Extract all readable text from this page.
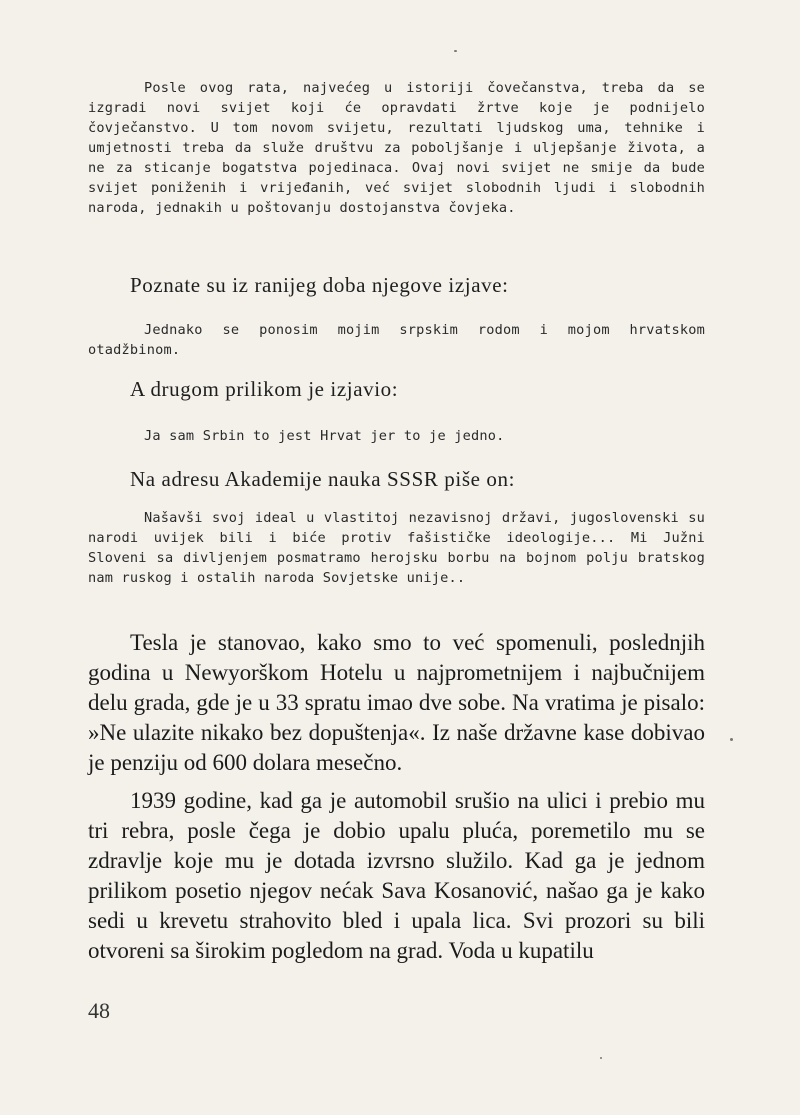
Posle ovog rata, najvećeg u istoriji čovečanstva, treba da se izgradi novi svijet koji će opravdati žrtve koje je podnijelo čovječanstvo. U tom novom svijetu, rezultati ljudskog uma, tehnike i umjetnosti treba da služe društvu za poboljšanje i uljepšanje života, a ne za sticanje bogatstva pojedinaca. Ovaj novi svijet ne smije da bude svijet poniženih i vrijeđanih, već svijet slobodnih ljudi i slobodnih naroda, jednakih u poštovanju dostojanstva čovjeka.

Poznate su iz ranijeg doba njegove izjave:

Jednako se ponosim mojim srpskim rodom i mojom hrvatskom otadžbinom.

A drugom prilikom je izjavio:

Ja sam Srbin to jest Hrvat jer to je jedno.

Na adresu Akademije nauka SSSR piše on:

Našavši svoj ideal u vlastitoj nezavisnoj državi, jugoslovenski su narodi uvijek bili i biće protiv fašističke ideologije... Mi Južni Sloveni sa divljenjem posmatramo herojsku borbu na bojnom polju bratskog nam ruskog i ostalih naroda Sovjetske unije..

Tesla je stanovao, kako smo to već spomenuli, poslednjih godina u Newyorškom Hotelu u najprometnijem i najbučnijem delu grada, gde je u 33 spratu imao dve sobe. Na vratima je pisalo: »Ne ulazite nikako bez dopuštenja«. Iz naše državne kase dobivao je penziju od 600 dolara mesečno.

1939 godine, kad ga je automobil srušio na ulici i prebio mu tri rebra, posle čega je dobio upalu pluća, poremetilo mu se zdravlje koje mu je dotada izvrsno služilo. Kad ga je jednom prilikom posetio njegov nećak Sava Kosanović, našao ga je kako sedi u krevetu strahovito bled i upala lica. Svi prozori su bili otvoreni sa širokim pogledom na grad. Voda u kupatilu

48
